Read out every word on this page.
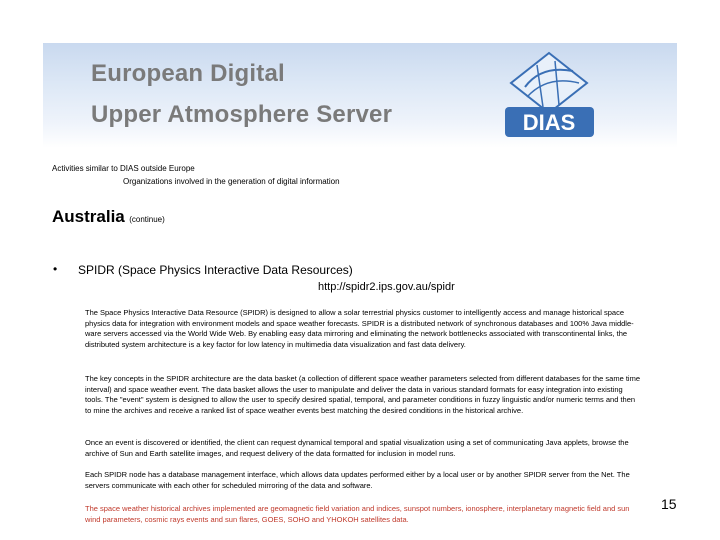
European Digital
Upper Atmosphere Server	DIAS
Activities similar to DIAS outside Europe
Organizations involved in the generation of digital information
Australia (continue)
• SPIDR (Space Physics Interactive Data Resources)
http://spidr2.ips.gov.au/spidr

The Space Physics Interactive Data Resource (SPIDR) is designed to allow a solar terrestrial physics customer to intelligently access and manage historical space physics data for integration with environment models and space weather forecasts. SPIDR is a distributed network of synchronous databases and 100% Java middle-ware servers accessed via the World Wide Web. By enabling easy data mirroring and eliminating the network bottlenecks associated with transcontinental links, the distributed system architecture is a key factor for low latency in multimedia data visualization and fast data delivery.

The key concepts in the SPIDR architecture are the data basket (a collection of different space weather parameters selected from different databases for the same time interval) and space weather event. The data basket allows the user to manipulate and deliver the data in various standard formats for easy integration into existing tools. The "event" system is designed to allow the user to specify desired spatial, temporal, and parameter conditions in fuzzy linguistic and/or numeric terms and then to mine the archives and receive a ranked list of space weather events best matching the desired conditions in the historical archive.

Once an event is discovered or identified, the client can request dynamical temporal and spatial visualization using a set of communicating Java applets, browse the archive of Sun and Earth satellite images, and request delivery of the data formatted for inclusion in model runs.

Each SPIDR node has a database management interface, which allows data updates performed either by a local user or by another SPIDR server from the Net. The servers communicate with each other for scheduled mirroring of the data and software.

The space weather historical archives implemented are geomagnetic field variation and indices, sunspot numbers, ionosphere, interplanetary magnetic field and sun wind parameters, cosmic rays events and sun flares, GOES, SOHO and YHOKOH satellites data.

15
